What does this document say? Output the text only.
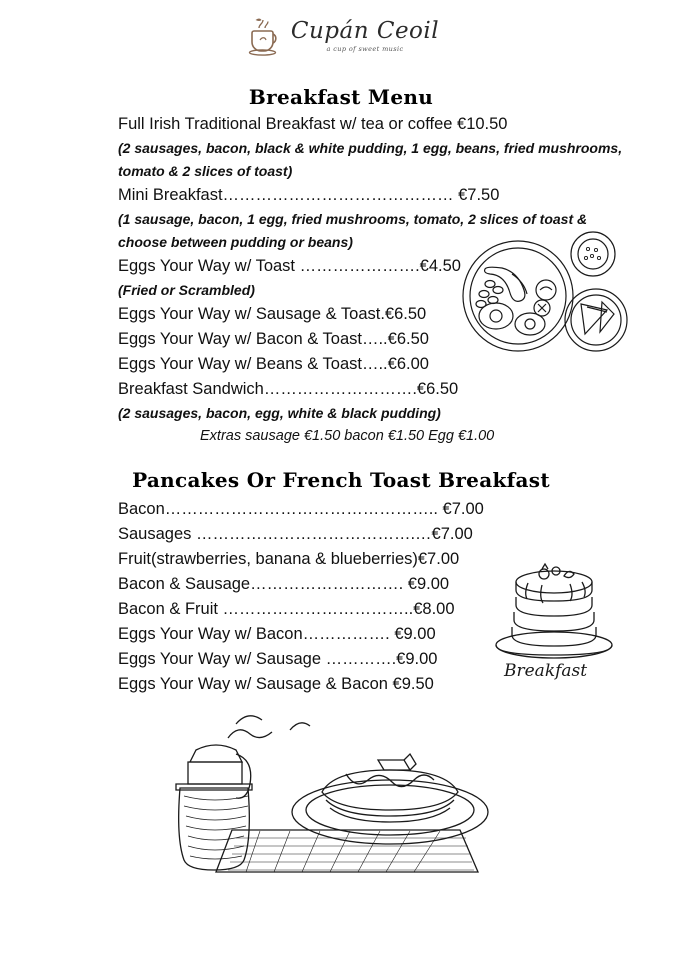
Cupán Ceoil
a cup of sweet music
Breakfast Menu
Full Irish Traditional Breakfast w/ tea or coffee €10.50
(2 sausages, bacon, black & white pudding, 1 egg, beans, fried mushrooms,
tomato & 2 slices of toast)
Mini Breakfast…………………………………… €7.50
(1 sausage, bacon, 1 egg, fried mushrooms, tomato, 2 slices of toast &
choose between pudding or beans)
Eggs Your Way w/ Toast ………………….€4.50
(Fried or Scrambled)
Eggs Your Way w/ Sausage & Toast.€6.50
Eggs Your Way w/ Bacon & Toast…..€6.50
Eggs Your Way w/ Beans & Toast…..€6.00
Breakfast Sandwich……………………….€6.50
(2 sausages, bacon, egg, white & black pudding)
Extras sausage €1.50 bacon €1.50 Egg €1.00
Pancakes Or French Toast Breakfast
Bacon………………………………………….. €7.00
Sausages ………………………………….…€7.00
Fruit(strawberries, banana & blueberries)€7.00
Bacon & Sausage………………………. €9.00
Bacon & Fruit ……………………………..€8.00
Eggs Your Way w/ Bacon……………. €9.00
Eggs Your Way w/ Sausage ………….€9.00
Eggs Your Way w/ Sausage & Bacon €9.50
Breakfast
